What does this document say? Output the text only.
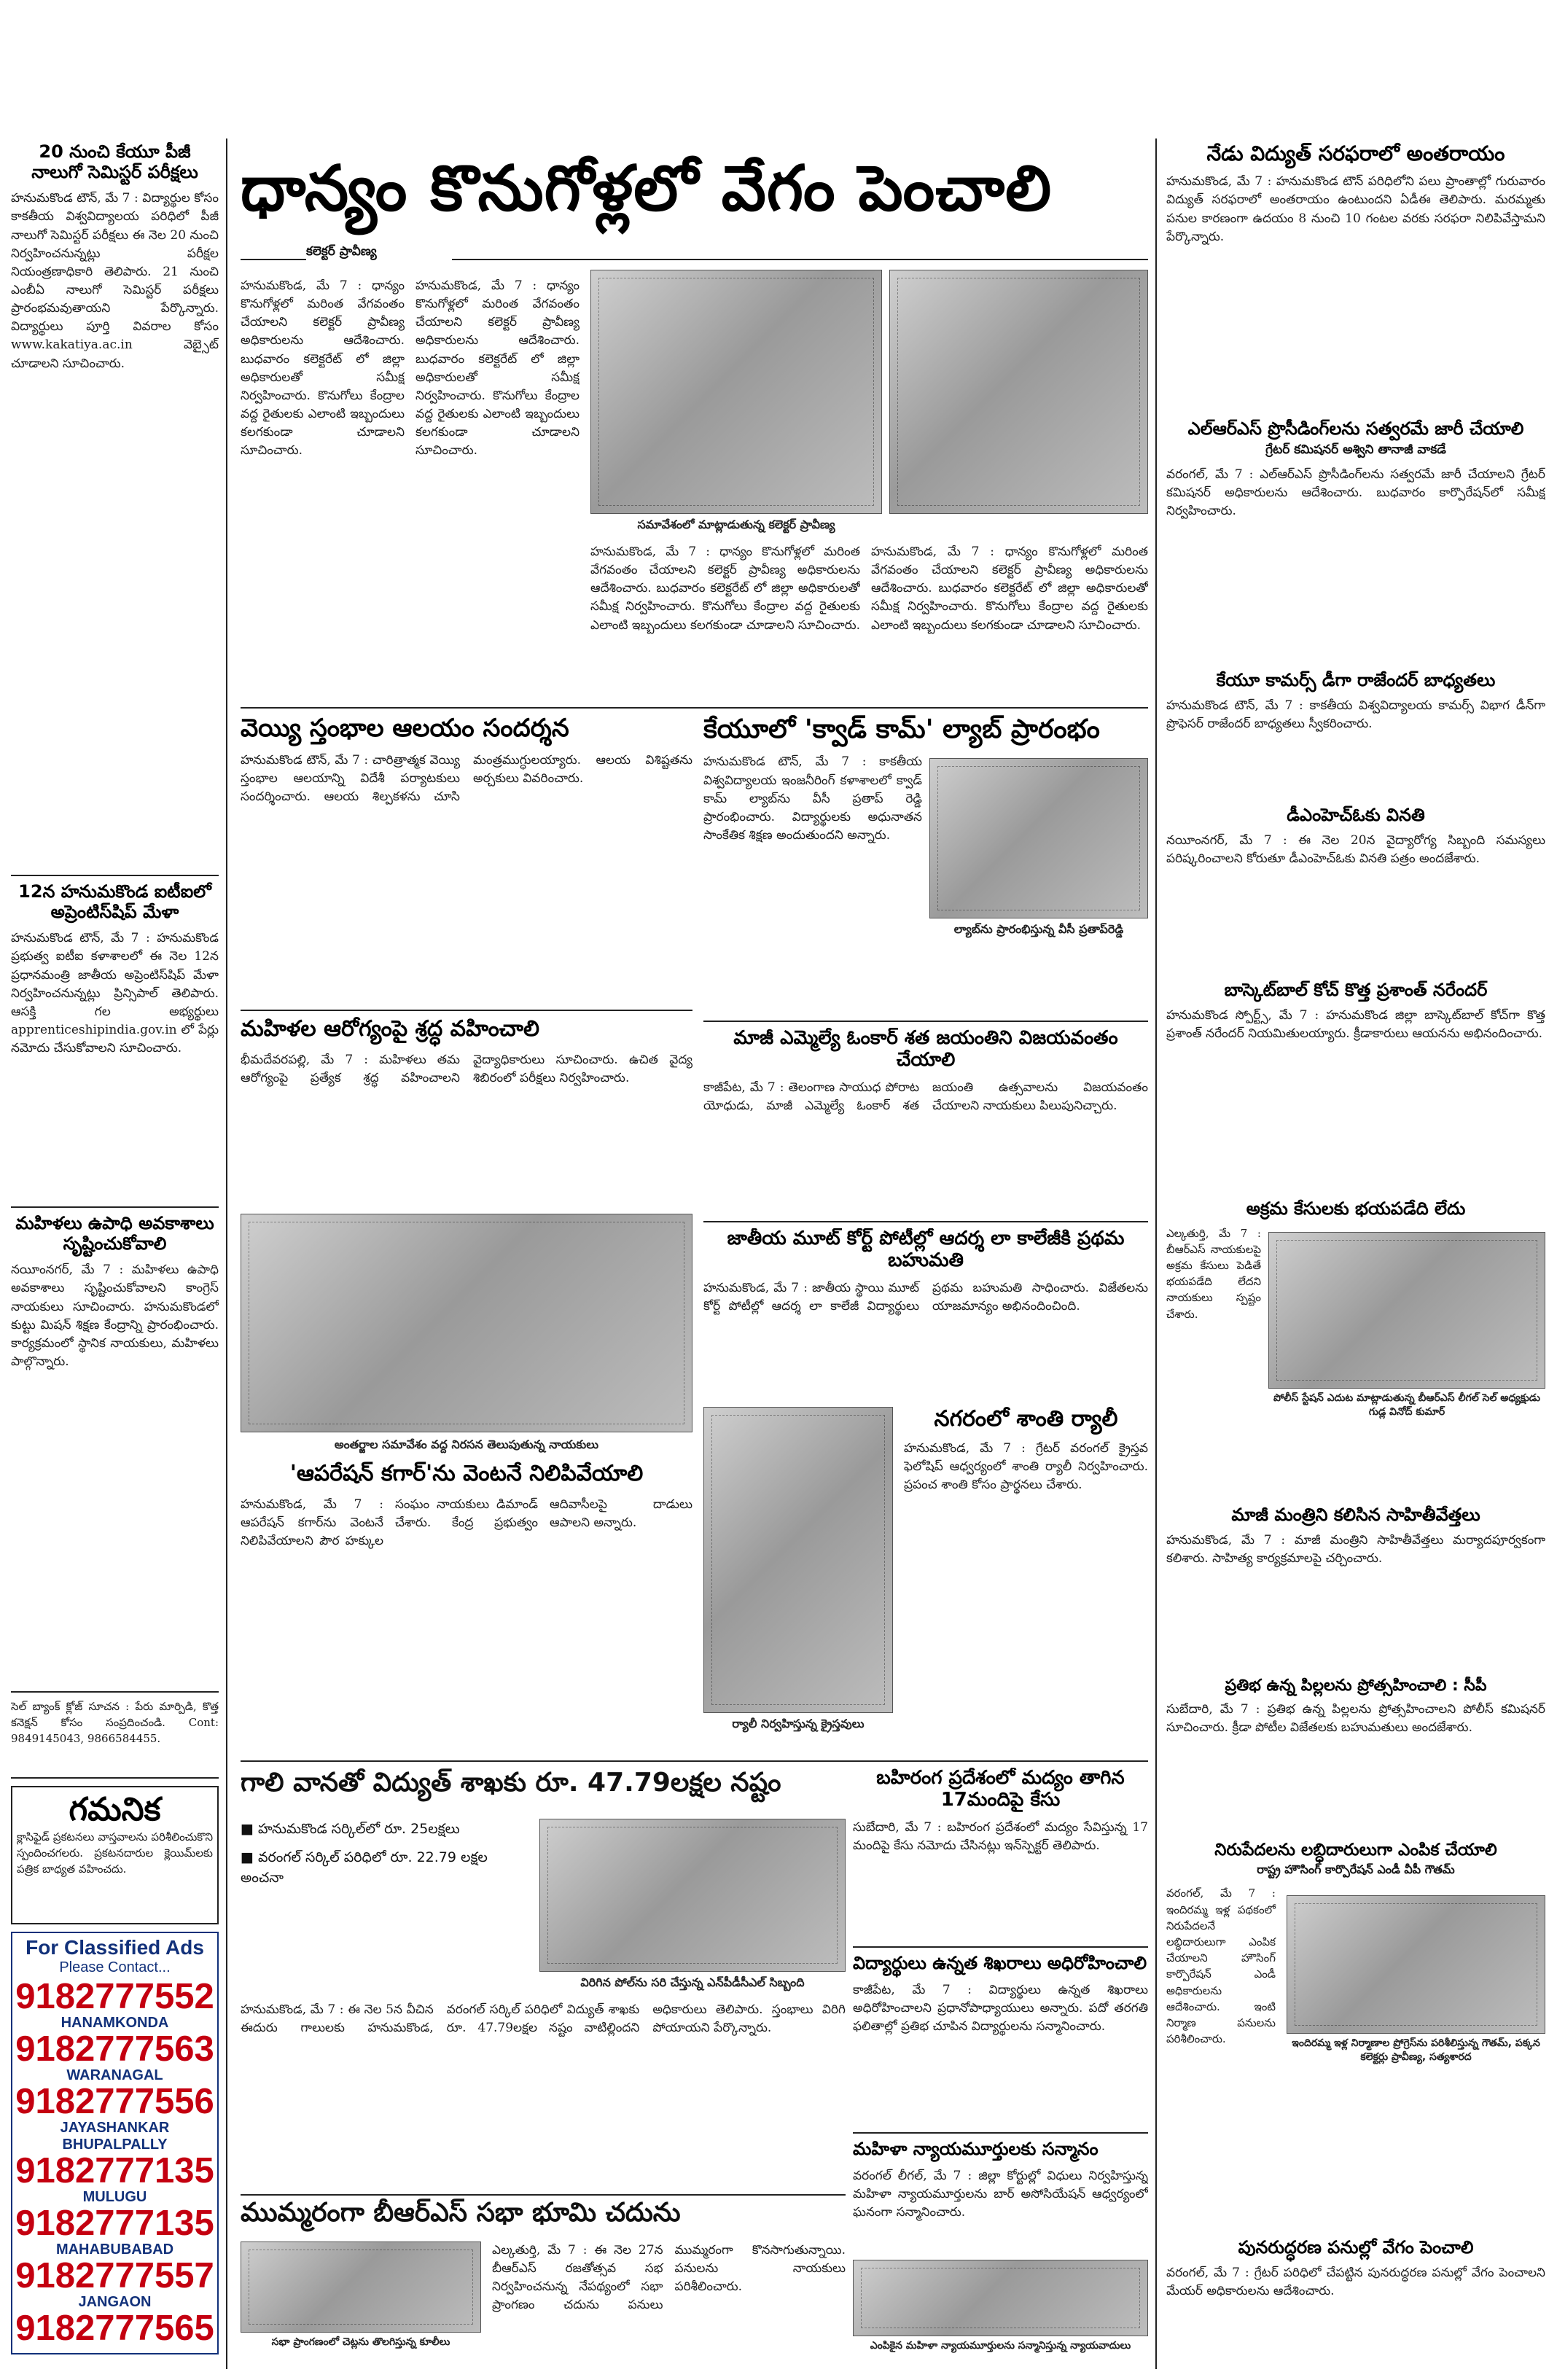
ధాన్యం కొనుగోళ్లలో వేగం పెంచాలి
కలెక్టర్ ప్రావీణ్య
హనుమకొండ, మే 7 : ధాన్యం కొనుగోళ్లలో మరింత వేగవంతం చేయాలని కలెక్టర్ ప్రావీణ్య అధికారులను ఆదేశించారు. బుధవారం కలెక్టరేట్ లో జిల్లా అధికారులతో సమీక్ష నిర్వహించారు. కొనుగోలు కేంద్రాల వద్ద రైతులకు ఎలాంటి ఇబ్బందులు కలగకుండా చూడాలని సూచించారు.
హనుమకొండ, మే 7 : ధాన్యం కొనుగోళ్లలో మరింత వేగవంతం చేయాలని కలెక్టర్ ప్రావీణ్య అధికారులను ఆదేశించారు. బుధవారం కలెక్టరేట్ లో జిల్లా అధికారులతో సమీక్ష నిర్వహించారు. కొనుగోలు కేంద్రాల వద్ద రైతులకు ఎలాంటి ఇబ్బందులు కలగకుండా చూడాలని సూచించారు.
సమావేశంలో మాట్లాడుతున్న కలెక్టర్ ప్రావీణ్య
హనుమకొండ, మే 7 : ధాన్యం కొనుగోళ్లలో మరింత వేగవంతం చేయాలని కలెక్టర్ ప్రావీణ్య అధికారులను ఆదేశించారు. బుధవారం కలెక్టరేట్ లో జిల్లా అధికారులతో సమీక్ష నిర్వహించారు. కొనుగోలు కేంద్రాల వద్ద రైతులకు ఎలాంటి ఇబ్బందులు కలగకుండా చూడాలని సూచించారు.
హనుమకొండ, మే 7 : ధాన్యం కొనుగోళ్లలో మరింత వేగవంతం చేయాలని కలెక్టర్ ప్రావీణ్య అధికారులను ఆదేశించారు. బుధవారం కలెక్టరేట్ లో జిల్లా అధికారులతో సమీక్ష నిర్వహించారు. కొనుగోలు కేంద్రాల వద్ద రైతులకు ఎలాంటి ఇబ్బందులు కలగకుండా చూడాలని సూచించారు.
20 నుంచి కేయూ పీజీ నాలుగో సెమిస్టర్ పరీక్షలు
హనుమకొండ టౌన్, మే 7 : విద్యార్థుల కోసం కాకతీయ విశ్వవిద్యాలయ పరిధిలో పీజీ నాలుగో సెమిస్టర్ పరీక్షలు ఈ నెల 20 నుంచి నిర్వహించనున్నట్లు పరీక్షల నియంత్రణాధికారి తెలిపారు. 21 నుంచి ఎంబీఏ నాలుగో సెమిస్టర్ పరీక్షలు ప్రారంభమవుతాయని పేర్కొన్నారు. విద్యార్థులు పూర్తి వివరాల కోసం www.kakatiya.ac.in వెబ్సైట్ చూడాలని సూచించారు.
12న హనుమకొండ ఐటీఐలో అప్రెంటిస్‌షిప్ మేళా
హనుమకొండ టౌన్, మే 7 : హనుమకొండ ప్రభుత్వ ఐటీఐ కళాశాలలో ఈ నెల 12న ప్రధానమంత్రి జాతీయ అప్రెంటిస్‌షిప్ మేళా నిర్వహించనున్నట్లు ప్రిన్సిపాల్ తెలిపారు. ఆసక్తి గల అభ్యర్థులు apprenticeshipindia.gov.in లో పేర్లు నమోదు చేసుకోవాలని సూచించారు.
మహిళలు ఉపాధి అవకాశాలు సృష్టించుకోవాలి
నయీంనగర్, మే 7 : మహిళలు ఉపాధి అవకాశాలు సృష్టించుకోవాలని కాంగ్రెస్ నాయకులు సూచించారు. హనుమకొండలో కుట్టు మిషన్ శిక్షణ కేంద్రాన్ని ప్రారంభించారు. కార్యక్రమంలో స్థానిక నాయకులు, మహిళలు పాల్గొన్నారు.
సెల్ బ్యాంక్ క్లోజ్ సూచన : పేరు మార్పిడి, కొత్త కనెక్షన్ కోసం సంప్రదించండి. Cont: 9849145043, 9866584455.
గమనిక
క్లాసిఫైడ్ ప్రకటనలు వాస్తవాలను పరిశీలించుకొని స్పందించగలరు. ప్రకటనదారుల క్లెయిమ్‌లకు పత్రిక బాధ్యత వహించదు.
For Classified Ads
Please Contact...
9182777552
HANAMKONDA
9182777563
WARANAGAL
9182777556
JAYASHANKAR BHUPALPALLY
9182777135
MULUGU
9182777135
MAHABUBABAD
9182777557
JANGAON
9182777565
వెయ్యి స్తంభాల ఆలయం సందర్శన
హనుమకొండ టౌన్, మే 7 : చారిత్రాత్మక వెయ్యి స్తంభాల ఆలయాన్ని విదేశీ పర్యాటకులు సందర్శించారు. ఆలయ శిల్పకళను చూసి మంత్రముగ్ధులయ్యారు. ఆలయ విశిష్టతను అర్చకులు వివరించారు.
మహిళల ఆరోగ్యంపై శ్రద్ధ వహించాలి
భీమదేవరపల్లి, మే 7 : మహిళలు తమ ఆరోగ్యంపై ప్రత్యేక శ్రద్ధ వహించాలని వైద్యాధికారులు సూచించారు. ఉచిత వైద్య శిబిరంలో పరీక్షలు నిర్వహించారు.
అంతర్జాల సమావేశం వద్ద నిరసన తెలుపుతున్న నాయకులు
'ఆపరేషన్ కగార్'ను వెంటనే నిలిపివేయాలి
హనుమకొండ, మే 7 : ఆపరేషన్ కగార్‌ను వెంటనే నిలిపివేయాలని పౌర హక్కుల సంఘం నాయకులు డిమాండ్ చేశారు. కేంద్ర ప్రభుత్వం ఆదివాసీలపై దాడులు ఆపాలని అన్నారు.
కేయూలో 'క్వాడ్ కామ్' ల్యాబ్ ప్రారంభం
హనుమకొండ టౌన్, మే 7 : కాకతీయ విశ్వవిద్యాలయ ఇంజనీరింగ్ కళాశాలలో క్వాడ్ కామ్ ల్యాబ్‌ను వీసీ ప్రతాప్ రెడ్డి ప్రారంభించారు. విద్యార్థులకు అధునాతన సాంకేతిక శిక్షణ అందుతుందని అన్నారు.
ల్యాబ్‌ను ప్రారంభిస్తున్న వీసీ ప్రతాప్‌రెడ్డి
మాజీ ఎమ్మెల్యే ఓంకార్ శత జయంతిని విజయవంతం చేయాలి
కాజీపేట, మే 7 : తెలంగాణ సాయుధ పోరాట యోధుడు, మాజీ ఎమ్మెల్యే ఓంకార్ శత జయంతి ఉత్సవాలను విజయవంతం చేయాలని నాయకులు పిలుపునిచ్చారు.
జాతీయ మూట్ కోర్ట్ పోటీల్లో ఆదర్శ లా కాలేజీకి ప్రథమ బహుమతి
హనుమకొండ, మే 7 : జాతీయ స్థాయి మూట్ కోర్ట్ పోటీల్లో ఆదర్శ లా కాలేజీ విద్యార్థులు ప్రథమ బహుమతి సాధించారు. విజేతలను యాజమాన్యం అభినందించింది.
ర్యాలీ నిర్వహిస్తున్న క్రైస్తవులు
నగరంలో శాంతి ర్యాలీ
హనుమకొండ, మే 7 : గ్రేటర్ వరంగల్ క్రైస్తవ ఫెలోషిప్ ఆధ్వర్యంలో శాంతి ర్యాలీ నిర్వహించారు. ప్రపంచ శాంతి కోసం ప్రార్థనలు చేశారు.
గాలి వానతో విద్యుత్ శాఖకు రూ. 47.79లక్షల నష్టం
■ హనుమకొండ సర్కిల్‌లో రూ. 25లక్షలు
■ వరంగల్ సర్కిల్ పరిధిలో రూ. 22.79 లక్షల అంచనా
విరిగిన పోల్‌ను సరి చేస్తున్న ఎన్‌పీడీసీఎల్ సిబ్బంది
హనుమకొండ, మే 7 : ఈ నెల 5న వీచిన ఈదురు గాలులకు హనుమకొండ, వరంగల్ సర్కిల్ పరిధిలో విద్యుత్ శాఖకు రూ. 47.79లక్షల నష్టం వాటిల్లిందని అధికారులు తెలిపారు. స్తంభాలు విరిగి పోయాయని పేర్కొన్నారు.
బహిరంగ ప్రదేశంలో మద్యం తాగిన 17మందిపై కేసు
సుబేదారి, మే 7 : బహిరంగ ప్రదేశంలో మద్యం సేవిస్తున్న 17 మందిపై కేసు నమోదు చేసినట్లు ఇన్‌స్పెక్టర్ తెలిపారు.
విద్యార్థులు ఉన్నత శిఖరాలు అధిరోహించాలి
కాజీపేట, మే 7 : విద్యార్థులు ఉన్నత శిఖరాలు అధిరోహించాలని ప్రధానోపాధ్యాయులు అన్నారు. పదో తరగతి ఫలితాల్లో ప్రతిభ చూపిన విద్యార్థులను సన్మానించారు.
మహిళా న్యాయమూర్తులకు సన్మానం
వరంగల్ లీగల్, మే 7 : జిల్లా కోర్టుల్లో విధులు నిర్వహిస్తున్న మహిళా న్యాయమూర్తులను బార్ అసోసియేషన్ ఆధ్వర్యంలో ఘనంగా సన్మానించారు.
ఎంపికైన మహిళా న్యాయమూర్తులను సన్మానిస్తున్న న్యాయవాదులు
ముమ్మరంగా బీఆర్‌ఎస్ సభా భూమి చదును
సభా ప్రాంగణంలో చెట్లను తొలగిస్తున్న కూలీలు
ఎల్కతుర్తి, మే 7 : ఈ నెల 27న బీఆర్‌ఎస్ రజతోత్సవ సభ నిర్వహించనున్న నేపథ్యంలో సభా ప్రాంగణం చదును పనులు ముమ్మరంగా కొనసాగుతున్నాయి. పనులను నాయకులు పరిశీలించారు.
నేడు విద్యుత్ సరఫరాలో అంతరాయం
హనుమకొండ, మే 7 : హనుమకొండ టౌన్ పరిధిలోని పలు ప్రాంతాల్లో గురువారం విద్యుత్ సరఫరాలో అంతరాయం ఉంటుందని ఏడీఈ తెలిపారు. మరమ్మతు పనుల కారణంగా ఉదయం 8 నుంచి 10 గంటల వరకు సరఫరా నిలిపివేస్తామని పేర్కొన్నారు.
ఎల్‌ఆర్‌ఎస్ ప్రొసీడింగ్‌లను సత్వరమే జారీ చేయాలి
గ్రేటర్ కమిషనర్ అశ్విని తానాజీ వాకడే
వరంగల్, మే 7 : ఎల్‌ఆర్‌ఎస్ ప్రొసీడింగ్‌లను సత్వరమే జారీ చేయాలని గ్రేటర్ కమిషనర్ అధికారులను ఆదేశించారు. బుధవారం కార్పొరేషన్‌లో సమీక్ష నిర్వహించారు.
కేయూ కామర్స్ డీగా రాజేందర్ బాధ్యతలు
హనుమకొండ టౌన్, మే 7 : కాకతీయ విశ్వవిద్యాలయ కామర్స్ విభాగ డీన్‌గా ప్రొఫెసర్ రాజేందర్ బాధ్యతలు స్వీకరించారు.
డీఎంహెచ్‌ఓకు వినతి
నయీంనగర్, మే 7 : ఈ నెల 20న వైద్యారోగ్య సిబ్బంది సమస్యలు పరిష్కరించాలని కోరుతూ డీఎంహెచ్‌ఓకు వినతి పత్రం అందజేశారు.
బాస్కెట్‌బాల్ కోచ్ కొత్త ప్రశాంత్ నరేందర్
హనుమకొండ స్పోర్ట్స్, మే 7 : హనుమకొండ జిల్లా బాస్కెట్‌బాల్ కోచ్‌గా కొత్త ప్రశాంత్ నరేందర్ నియమితులయ్యారు. క్రీడాకారులు ఆయనను అభినందించారు.
అక్రమ కేసులకు భయపడేది లేదు
ఎల్కతుర్తి, మే 7 : బీఆర్‌ఎస్ నాయకులపై అక్రమ కేసులు పెడితే భయపడేది లేదని నాయకులు స్పష్టం చేశారు.
పోలీస్ స్టేషన్ ఎదుట మాట్లాడుతున్న బీఆర్ఎస్ లీగల్ సెల్ అధ్యక్షుడు గుడ్ల వినోద్ కుమార్
మాజీ మంత్రిని కలిసిన సాహితీవేత్తలు
హనుమకొండ, మే 7 : మాజీ మంత్రిని సాహితీవేత్తలు మర్యాదపూర్వకంగా కలిశారు. సాహిత్య కార్యక్రమాలపై చర్చించారు.
ప్రతిభ ఉన్న పిల్లలను ప్రోత్సహించాలి : సీపీ
సుబేదారి, మే 7 : ప్రతిభ ఉన్న పిల్లలను ప్రోత్సహించాలని పోలీస్ కమిషనర్ సూచించారు. క్రీడా పోటీల విజేతలకు బహుమతులు అందజేశారు.
నిరుపేదలను లబ్ధిదారులుగా ఎంపిక చేయాలి
రాష్ట్ర హౌసింగ్ కార్పొరేషన్ ఎండీ వీపీ గౌతమ్
వరంగల్, మే 7 : ఇందిరమ్మ ఇళ్ల పథకంలో నిరుపేదలనే లబ్ధిదారులుగా ఎంపిక చేయాలని హౌసింగ్ కార్పొరేషన్ ఎండీ అధికారులను ఆదేశించారు. ఇంటి నిర్మాణ పనులను పరిశీలించారు.	ఇందిరమ్మ ఇళ్ల నిర్మాణాల ప్రోగ్రెస్‌ను పరిశీలిస్తున్న గౌతమ్, పక్కన కలెక్టర్లు ప్రావీణ్య, సత్యశారద
పునరుద్ధరణ పనుల్లో వేగం పెంచాలి
వరంగల్, మే 7 : గ్రేటర్ పరిధిలో చేపట్టిన పునరుద్ధరణ పనుల్లో వేగం పెంచాలని మేయర్ అధికారులను ఆదేశించారు.
